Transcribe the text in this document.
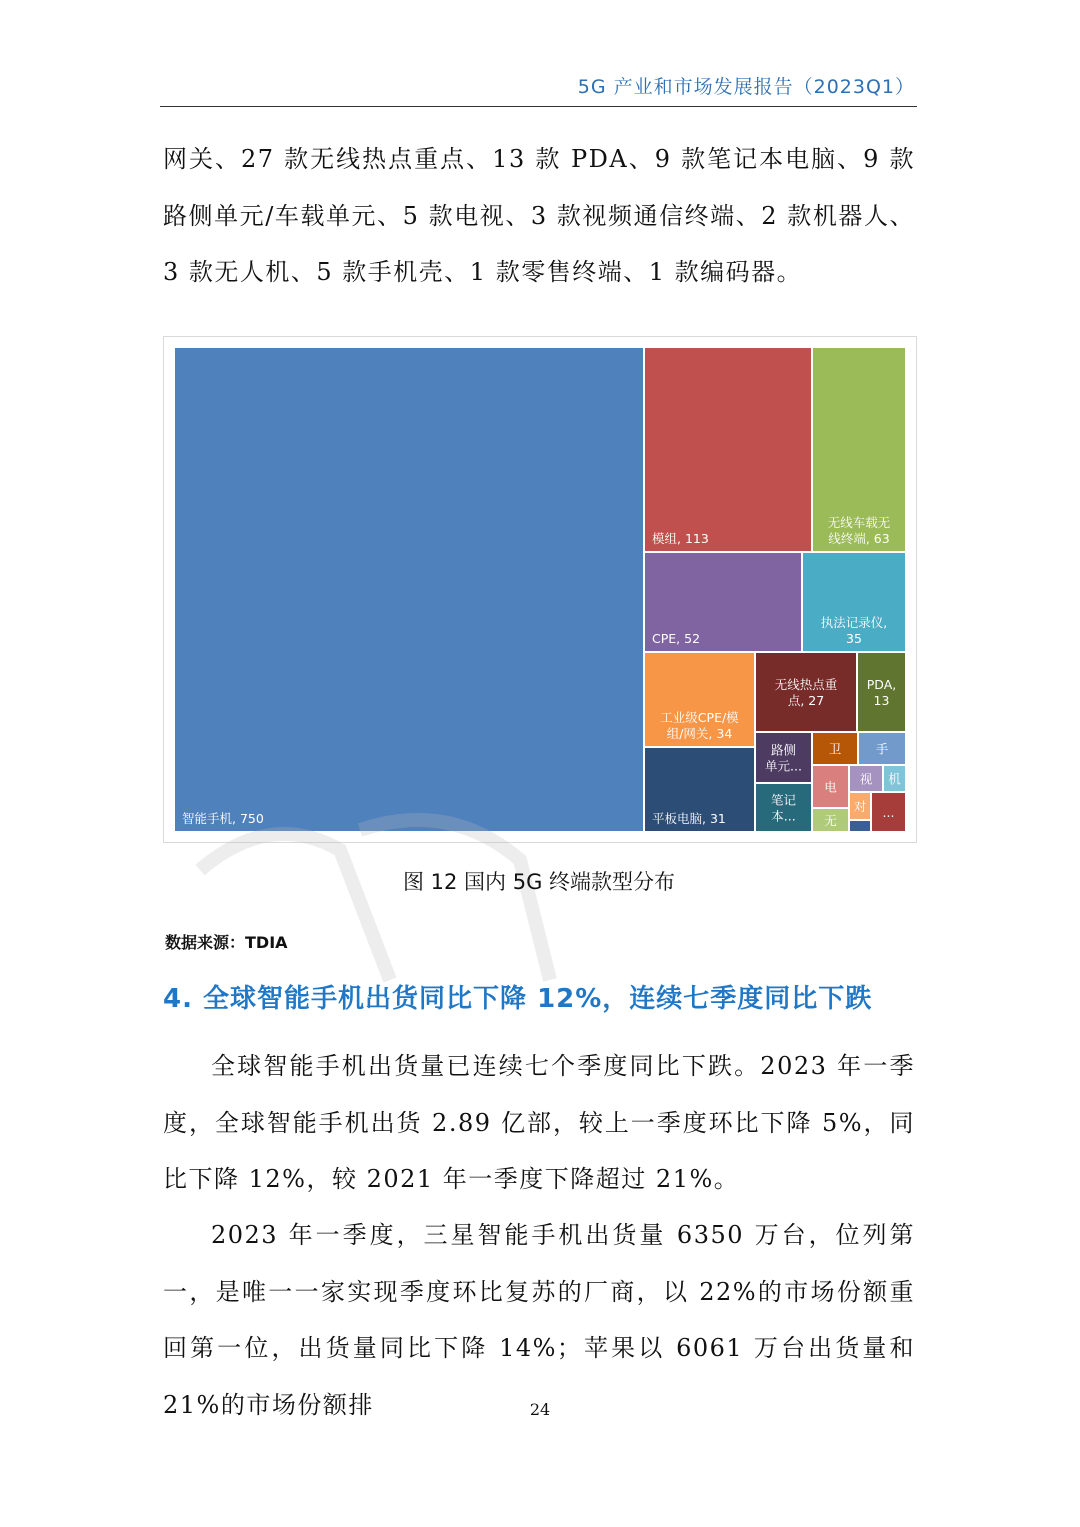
5G 产业和市场发展报告（2023Q1）

网关、27 款无线热点重点、13 款 PDA、9 款笔记本电脑、9 款路侧单元/车载单元、5 款电视、3 款视频通信终端、2 款机器人、3 款无人机、5 款手机壳、1 款零售终端、1 款编码器。

智能手机, 750
模组, 113
无线车载无线终端, 63
CPE, 52
执法记录仪, 35
工业级CPE/模组/网关, 34
无线热点重点, 27
PDA, 13
平板电脑, 31
路侧单元...
卫	手
笔记本...
电
视 机
对
无
...
图 12 国内 5G 终端款型分布
数据来源：TDIA
4. 全球智能手机出货同比下降 12%，连续七季度同比下跌

全球智能手机出货量已连续七个季度同比下跌。2023 年一季度，全球智能手机出货 2.89 亿部，较上一季度环比下降 5%，同比下降 12%，较 2021 年一季度下降超过 21%。

2023 年一季度，三星智能手机出货量 6350 万台，位列第一，是唯一一家实现季度环比复苏的厂商，以 22%的市场份额重回第一位，出货量同比下降 14%；苹果以 6061 万台出货量和 21%的市场份额排	24
